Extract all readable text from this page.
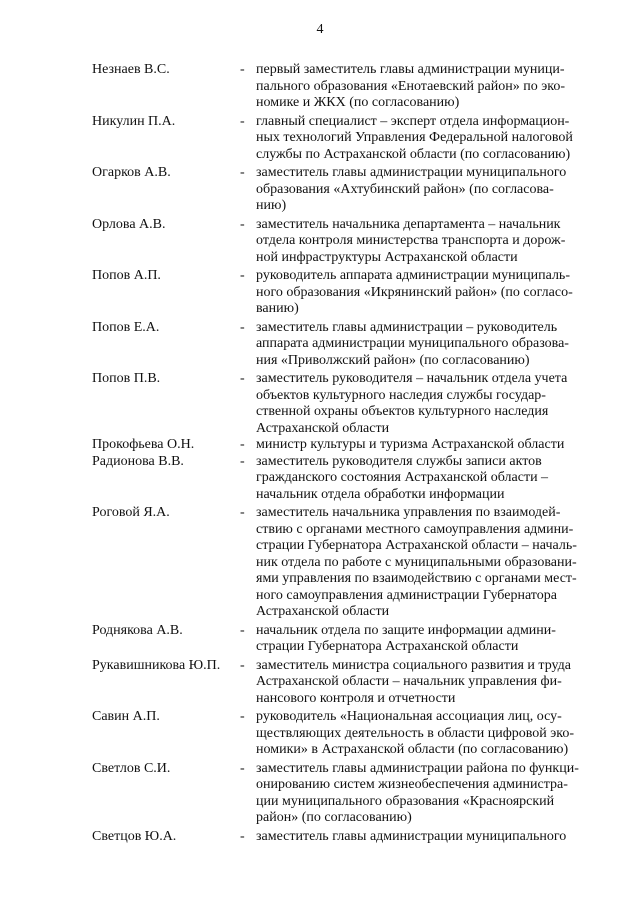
4
Незнаев В.С.	- первый заместитель главы администрации муници-
пального образования «Енотаевский район» по эко-
номике и ЖКХ (по согласованию)
Никулин П.А.	- главный специалист – эксперт отдела информацион-
ных технологий Управления Федеральной налоговой
службы по Астраханской области (по согласованию)
Огарков А.В.	- заместитель главы администрации муниципального
образования «Ахтубинский район» (по согласова-
нию)
Орлова А.В.	- заместитель начальника департамента – начальник
отдела контроля министерства транспорта и дорож-
ной инфраструктуры Астраханской области
Попов А.П.	- руководитель аппарата администрации муниципаль-
ного образования «Икрянинский район» (по согласо-
ванию)
Попов Е.А.	- заместитель главы администрации – руководитель
аппарата администрации муниципального образова-
ния «Приволжский район» (по согласованию)
Попов П.В.	- заместитель руководителя – начальник отдела учета
объектов культурного наследия службы государ-
ственной охраны объектов культурного наследия
Астраханской области
Прокофьева О.Н.	- министр культуры и туризма Астраханской области
Радионова В.В.	- заместитель руководителя службы записи актов
гражданского состояния Астраханской области –
начальник отдела обработки информации
Роговой Я.А.	- заместитель начальника управления по взаимодей-
ствию с органами местного самоуправления админи-
страции Губернатора Астраханской области – началь-
ник отдела по работе с муниципальными образовани-
ями управления по взаимодействию с органами мест-
ного самоуправления администрации Губернатора
Астраханской области
Роднякова А.В.	- начальник отдела по защите информации админи-
страции Губернатора Астраханской области
Рукавишникова Ю.П.	- заместитель министра социального развития и труда
Астраханской области – начальник управления фи-
нансового контроля и отчетности
Савин А.П.	- руководитель «Национальная ассоциация лиц, осу-
ществляющих деятельность в области цифровой эко-
номики» в Астраханской области (по согласованию)
Светлов С.И.	- заместитель главы администрации района по функци-
онированию систем жизнеобеспечения администра-
ции муниципального образования «Красноярский
район» (по согласованию)
Светцов Ю.А.	- заместитель главы администрации муниципального
